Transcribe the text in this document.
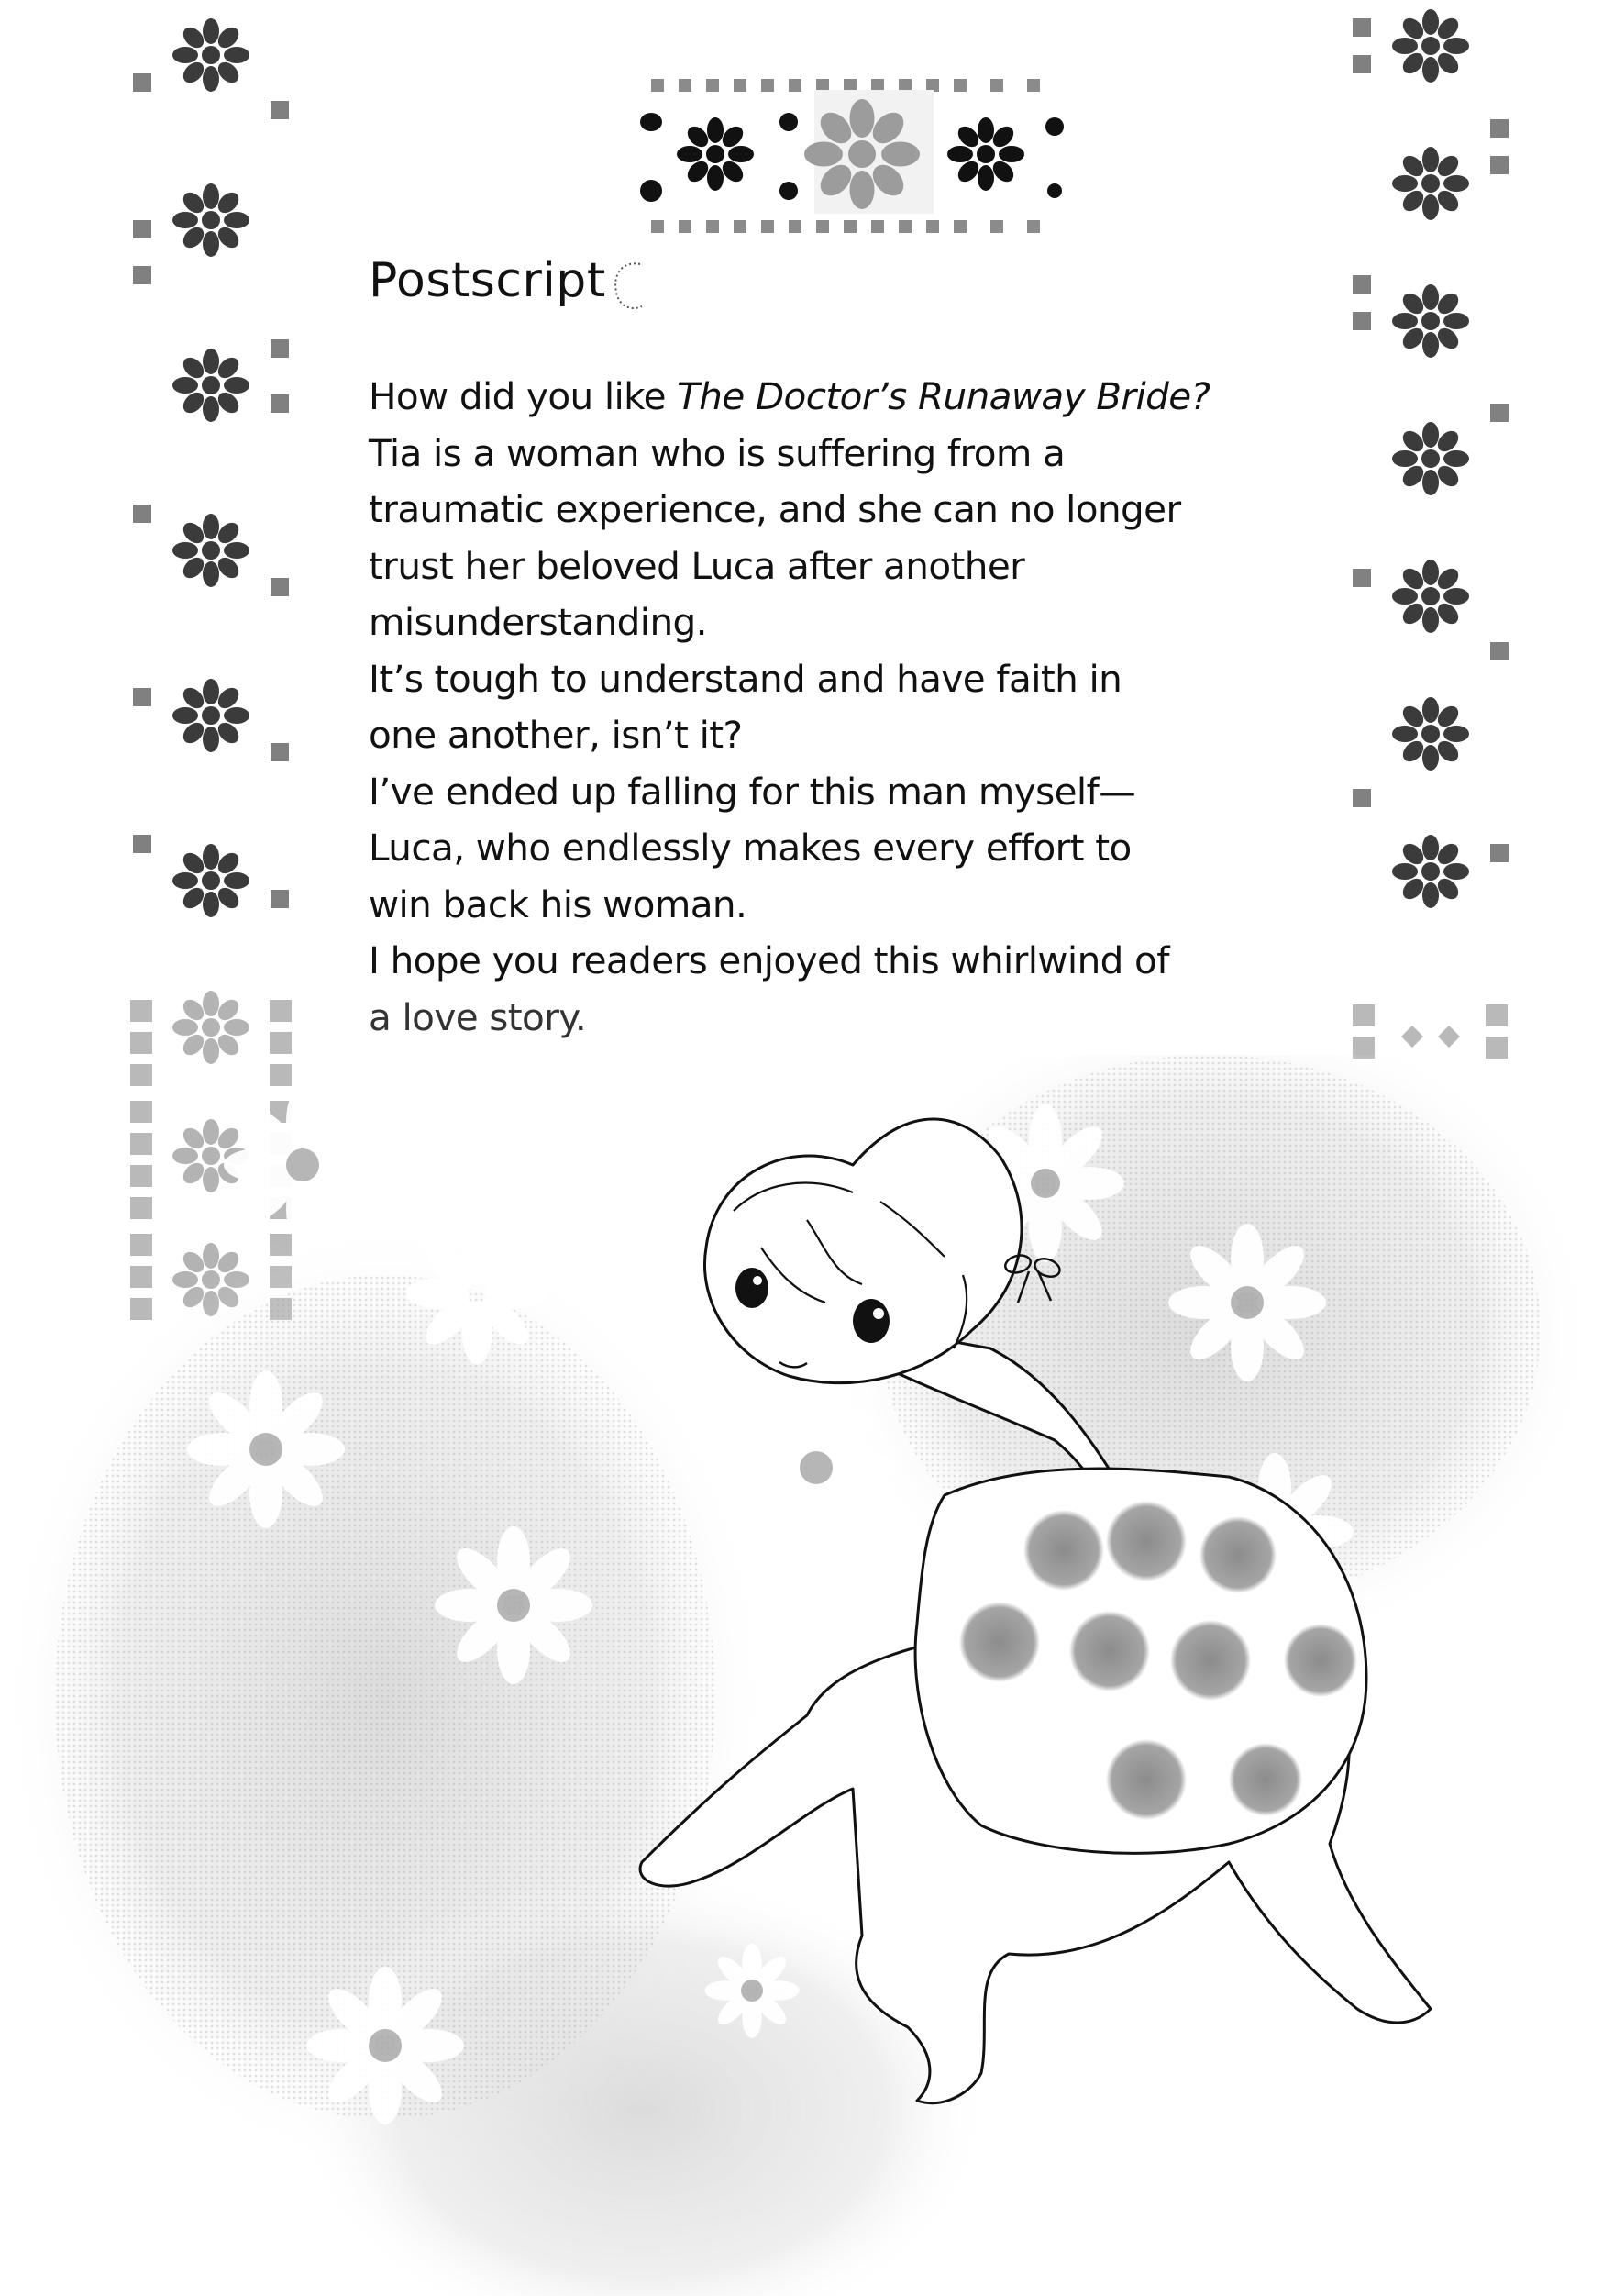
Postscript
How did you like The Doctor’s Runaway Bride?
Tia is a woman who is suffering from a
traumatic experience, and she can no longer
trust her beloved Luca after another
misunderstanding.
It’s tough to understand and have faith in
one another, isn’t it?
I’ve ended up falling for this man myself—
Luca, who endlessly makes every effort to
win back his woman.
I hope you readers enjoyed this whirlwind of
a love story.
